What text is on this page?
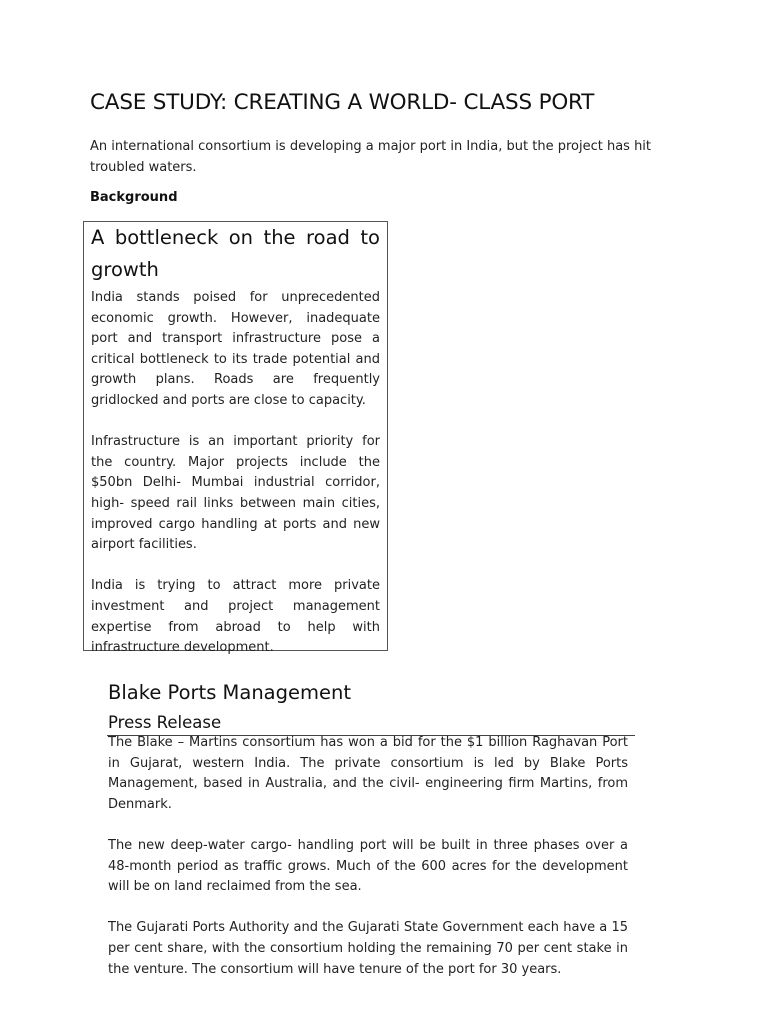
CASE STUDY: CREATING A WORLD- CLASS PORT

An international consortium is developing a major port in India, but the project has hit troubled waters.

Background

A bottleneck on the road to growth

India stands poised for unprecedented economic growth. However, inadequate port and transport infrastructure pose a critical bottleneck to its trade potential and growth plans. Roads are frequently gridlocked and ports are close to capacity.

Infrastructure is an important priority for the country. Major projects include the $50bn Delhi- Mumbai industrial corridor, high- speed rail links between main cities, improved cargo handling at ports and new airport facilities.

India is trying to attract more private investment and project management expertise from abroad to help with infrastructure development.

Blake Ports Management
Press Release

The Blake – Martins consortium has won a bid for the $1 billion Raghavan Port in Gujarat, western India. The private consortium is led by Blake Ports Management, based in Australia, and the civil- engineering firm Martins, from Denmark.

The new deep-water cargo- handling port will be built in three phases over a 48-month period as traffic grows. Much of the 600 acres for the development will be on land reclaimed from the sea.

The Gujarati Ports Authority and the Gujarati State Government each have a 15 per cent share, with the consortium holding the remaining 70 per cent stake in the venture. The consortium will have tenure of the port for 30 years.
